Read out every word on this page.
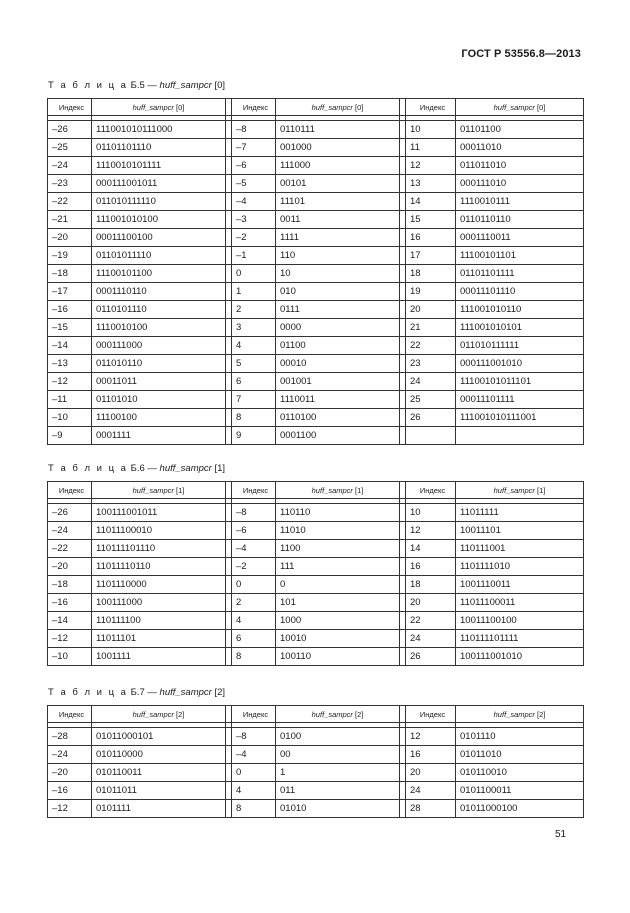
ГОСТ Р 53556.8—2013
Т а б л и ц а Б.5 — huff_sampcr [0]
Индекс	huff_sampcr [0]		Индекс	huff_sampcr [0]		Индекс	huff_sampcr [0]

–26	111001010111000		–8	0110111		10	01101100
–25	01101101110		–7	001000		11	00011010
–24	1110010101111		–6	111000		12	011011010
–23	000111001011		–5	00101		13	000111010
–22	011010111110		–4	11101		14	1110010111
–21	111001010100		–3	0011		15	0110110110
–20	00011100100		–2	1111		16	0001110011
–19	01101011110		–1	110		17	11100101101
–18	11100101100		0	10		18	01101101111
–17	0001110110		1	010		19	00011101110
–16	0110101110		2	0111		20	111001010110
–15	1110010100		3	0000		21	111001010101
–14	000111000		4	01100		22	011010111111
–13	011010110		5	00010		23	000111001010
–12	00011011		6	001001		24	11100101011101
–11	01101010		7	1110011		25	00011101111
–10	11100100		8	0110100		26	111001010111001
–9	0001111		9	0001100			
Т а б л и ц а Б.6 — huff_sampcr [1]
Индекс	huff_sampcr [1]		Индекс	huff_sampcr [1]		Индекс	huff_sampcr [1]

–26	100111001011		–8	110110		10	11011111
–24	11011100010		–6	11010		12	10011101
–22	110111101110		–4	1100		14	110111001
–20	11011110110		–2	111		16	1101111010
–18	1101110000		0	0		18	1001110011
–16	100111000		2	101		20	11011100011
–14	110111100		4	1000		22	10011100100
–12	11011101		6	10010		24	110111101111
–10	1001111		8	100110		26	100111001010
Т а б л и ц а Б.7 — huff_sampcr [2]
Индекс	huff_sampcr [2]		Индекс	huff_sampcr [2]		Индекс	huff_sampcr [2]

–28	01011000101		–8	0100		12	0101110
–24	010110000		–4	00		16	01011010
–20	010110011		0	1		20	010110010
–16	01011011		4	011		24	0101100011
–12	0101111		8	01010		28	01011000100
51
